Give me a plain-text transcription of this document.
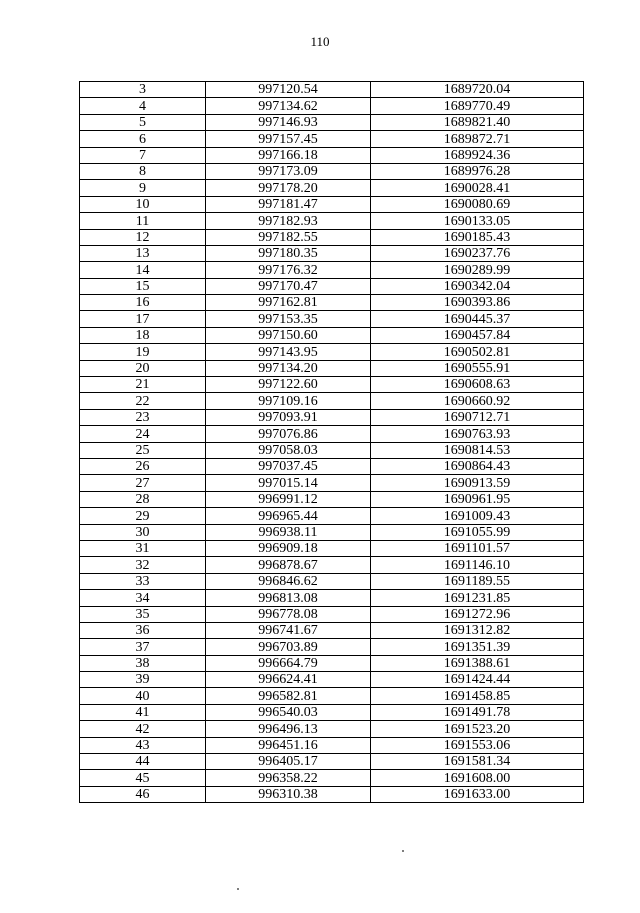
110
3	997120.54	1689720.04
4	997134.62	1689770.49
5	997146.93	1689821.40
6	997157.45	1689872.71
7	997166.18	1689924.36
8	997173.09	1689976.28
9	997178.20	1690028.41
10	997181.47	1690080.69
11	997182.93	1690133.05
12	997182.55	1690185.43
13	997180.35	1690237.76
14	997176.32	1690289.99
15	997170.47	1690342.04
16	997162.81	1690393.86
17	997153.35	1690445.37
18	997150.60	1690457.84
19	997143.95	1690502.81
20	997134.20	1690555.91
21	997122.60	1690608.63
22	997109.16	1690660.92
23	997093.91	1690712.71
24	997076.86	1690763.93
25	997058.03	1690814.53
26	997037.45	1690864.43
27	997015.14	1690913.59
28	996991.12	1690961.95
29	996965.44	1691009.43
30	996938.11	1691055.99
31	996909.18	1691101.57
32	996878.67	1691146.10
33	996846.62	1691189.55
34	996813.08	1691231.85
35	996778.08	1691272.96
36	996741.67	1691312.82
37	996703.89	1691351.39
38	996664.79	1691388.61
39	996624.41	1691424.44
40	996582.81	1691458.85
41	996540.03	1691491.78
42	996496.13	1691523.20
43	996451.16	1691553.06
44	996405.17	1691581.34
45	996358.22	1691608.00
46	996310.38	1691633.00
